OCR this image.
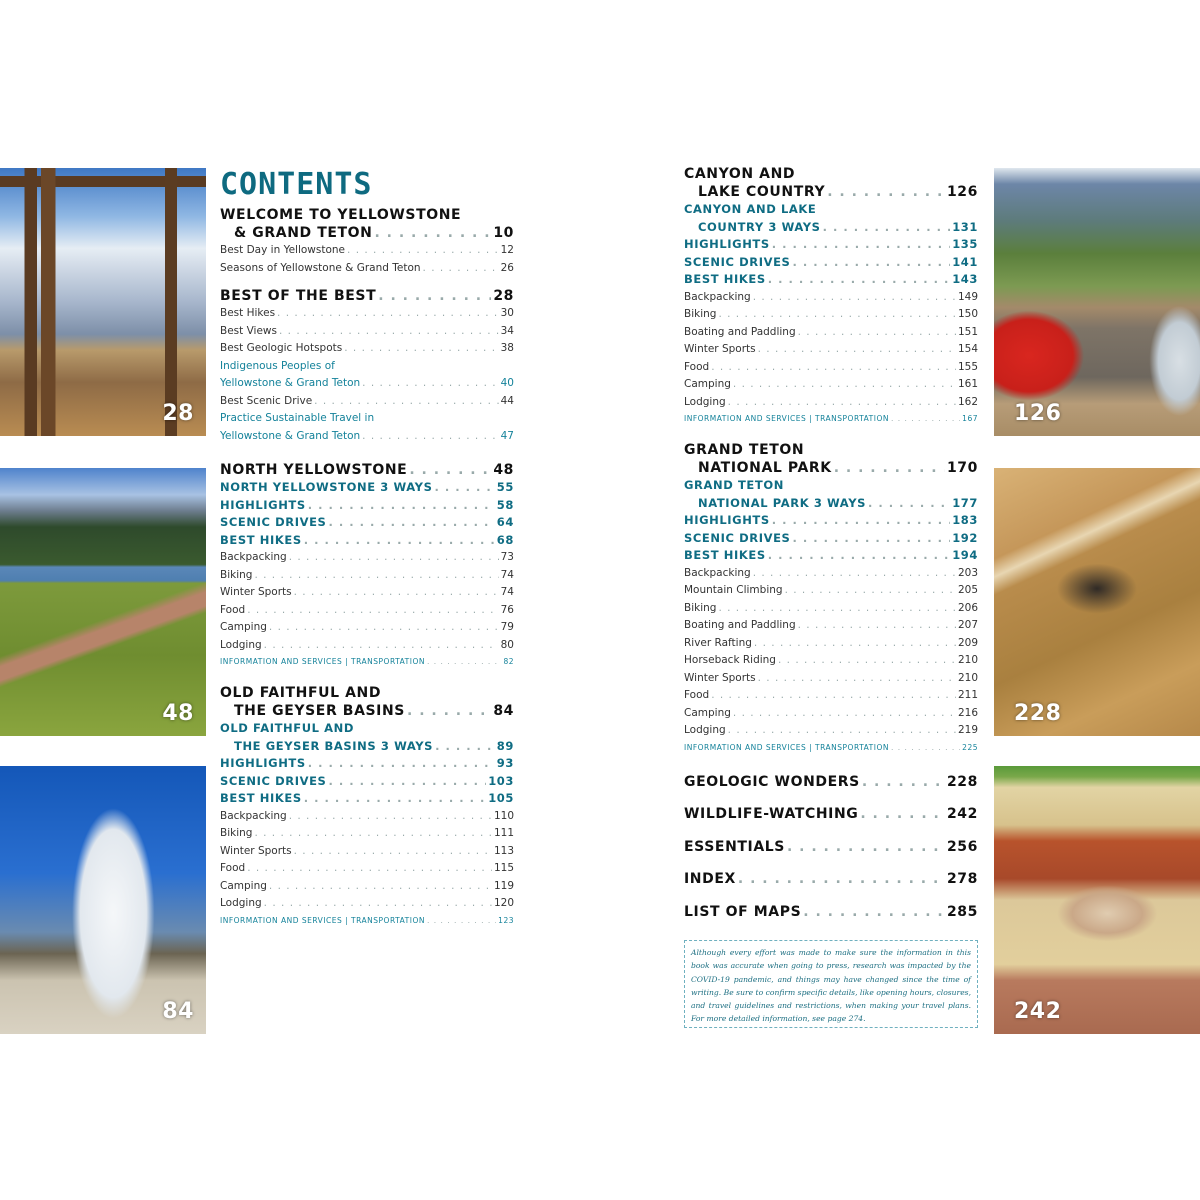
28
48
84
126
228
242
CONTENTS
WELCOME TO YELLOWSTONE
& GRAND TETON . . .	10
Best Day in Yellowstone . . .	12
Seasons of Yellowstone & Grand Teton . . .	26
BEST OF THE BEST . . .	28
Best Hikes . . .	30
Best Views . . .	34
Best Geologic Hotspots . . .	38
Indigenous Peoples of
Yellowstone & Grand Teton . . .	40
Best Scenic Drive . . .	44
Practice Sustainable Travel in
Yellowstone & Grand Teton . . .	47
NORTH YELLOWSTONE . . .	48
NORTH YELLOWSTONE 3 WAYS . . .	55
HIGHLIGHTS . . .	58
SCENIC DRIVES . . .	64
BEST HIKES . . .	68
Backpacking . . .	73
Biking . . .	74
Winter Sports . . .	74
Food . . .	76
Camping . . .	79
Lodging . . .	80
INFORMATION AND SERVICES | TRANSPORTATION . . .	82
OLD FAITHFUL AND
THE GEYSER BASINS . . .	84
OLD FAITHFUL AND
THE GEYSER BASINS 3 WAYS . . .	89
HIGHLIGHTS . . .	93
SCENIC DRIVES . . .	103
BEST HIKES . . .	105
Backpacking . . .	110
Biking . . .	111
Winter Sports . . .	113
Food . . .	115
Camping . . .	119
Lodging . . .	120
INFORMATION AND SERVICES | TRANSPORTATION . . .	123
CANYON AND
LAKE COUNTRY . . .	126
CANYON AND LAKE
COUNTRY 3 WAYS . . .	131
HIGHLIGHTS . . .	135
SCENIC DRIVES . . .	141
BEST HIKES . . .	143
Backpacking . . .	149
Biking . . .	150
Boating and Paddling . . .	151
Winter Sports . . .	154
Food . . .	155
Camping . . .	161
Lodging . . .	162
INFORMATION AND SERVICES | TRANSPORTATION . . .	167
GRAND TETON
NATIONAL PARK . . .	170
GRAND TETON
NATIONAL PARK 3 WAYS . . .	177
HIGHLIGHTS . . .	183
SCENIC DRIVES . . .	192
BEST HIKES . . .	194
Backpacking . . .	203
Mountain Climbing . . .	205
Biking . . .	206
Boating and Paddling . . .	207
River Rafting . . .	209
Horseback Riding . . .	210
Winter Sports . . .	210
Food . . .	211
Camping . . .	216
Lodging . . .	219
INFORMATION AND SERVICES | TRANSPORTATION . . .	225
GEOLOGIC WONDERS . . .	228
WILDLIFE-WATCHING . . .	242
ESSENTIALS . . .	256
INDEX . . .	278
LIST OF MAPS . . .	285
Although every effort was made to make sure the information in this book was accurate when going to press, research was impacted by the COVID-19 pandemic, and things may have changed since the time of writing. Be sure to confirm specific details, like opening hours, closures, and travel guidelines and restrictions, when making your travel plans. For more detailed information, see page 274.
